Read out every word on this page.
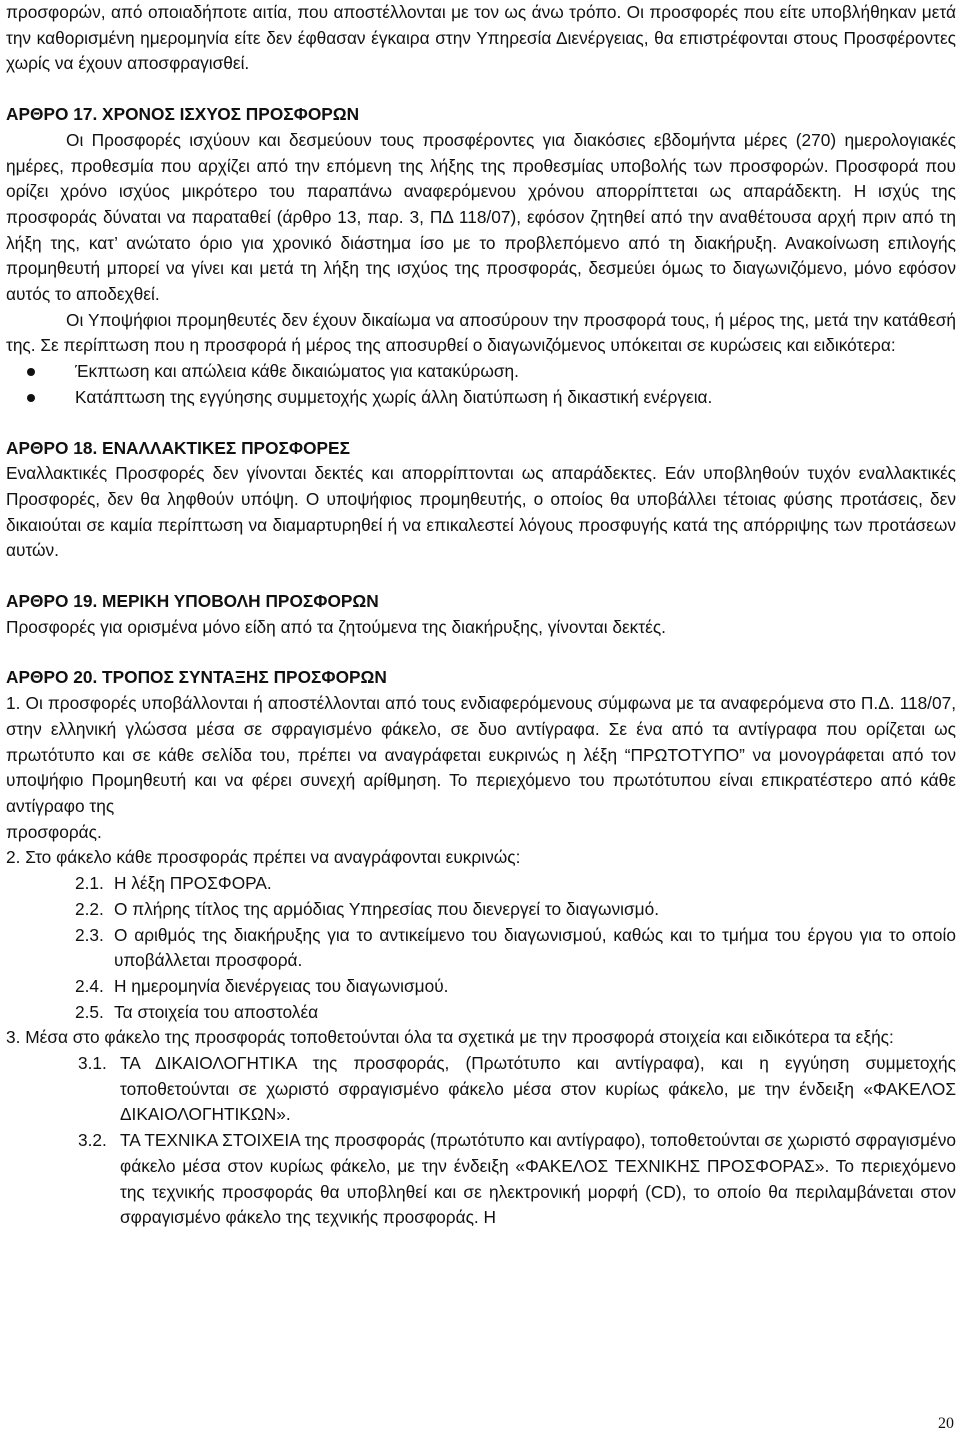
προσφορών, από οποιαδήποτε αιτία, που αποστέλλονται με τον ως άνω τρόπο. Οι προσφορές που είτε υποβλήθηκαν μετά την καθορισμένη ημερομηνία είτε δεν έφθασαν έγκαιρα στην Υπηρεσία Διενέργειας, θα επιστρέφονται στους Προσφέροντες χωρίς να έχουν αποσφραγισθεί.

ΑΡΘΡΟ 17. ΧΡΟΝΟΣ ΙΣΧΥΟΣ ΠΡΟΣΦΟΡΩΝ

Οι Προσφορές ισχύουν και δεσμεύουν τους προσφέροντες για διακόσιες εβδομήντα μέρες (270) ημερολογιακές ημέρες, προθεσμία που αρχίζει από την επόμενη της λήξης της προθεσμίας υποβολής των προσφορών. Προσφορά που ορίζει χρόνο ισχύος μικρότερο του παραπάνω αναφερόμενου χρόνου απορρίπτεται ως απαράδεκτη. Η ισχύς της προσφοράς δύναται να παραταθεί (άρθρο 13, παρ. 3, ΠΔ 118/07), εφόσον ζητηθεί από την αναθέτουσα αρχή πριν από τη λήξη της, κατ’ ανώτατο όριο για χρονικό διάστημα ίσο με το προβλεπόμενο από τη διακήρυξη. Ανακοίνωση επιλογής προμηθευτή μπορεί να γίνει και μετά τη λήξη της ισχύος της προσφοράς, δεσμεύει όμως το διαγωνιζόμενο, μόνο εφόσον αυτός το αποδεχθεί.

Οι Υποψήφιοι προμηθευτές δεν έχουν δικαίωμα να αποσύρουν την προσφορά τους, ή μέρος της, μετά την κατάθεσή της. Σε περίπτωση που η προσφορά ή μέρος της αποσυρθεί ο διαγωνιζόμενος υπόκειται σε κυρώσεις και ειδικότερα:

Έκπτωση και απώλεια κάθε δικαιώματος για κατακύρωση.
Κατάπτωση της εγγύησης συμμετοχής χωρίς άλλη διατύπωση ή δικαστική ενέργεια.

ΑΡΘΡΟ 18. ΕΝΑΛΛΑΚΤΙΚΕΣ ΠΡΟΣΦΟΡΕΣ

Εναλλακτικές Προσφορές δεν γίνονται δεκτές και απορρίπτονται ως απαράδεκτες. Εάν υποβληθούν τυχόν εναλλακτικές Προσφορές, δεν θα ληφθούν υπόψη. Ο υποψήφιος προμηθευτής, ο οποίος θα υποβάλλει τέτοιας φύσης προτάσεις, δεν δικαιούται σε καμία περίπτωση να διαμαρτυρηθεί ή να επικαλεστεί λόγους προσφυγής κατά της απόρριψης των προτάσεων αυτών.

ΑΡΘΡΟ 19. ΜΕΡΙΚΗ ΥΠΟΒΟΛΗ ΠΡΟΣΦΟΡΩΝ

Προσφορές για ορισμένα μόνο είδη από τα ζητούμενα της διακήρυξης, γίνονται δεκτές.

ΑΡΘΡΟ 20. ΤΡΟΠΟΣ ΣΥΝΤΑΞΗΣ ΠΡΟΣΦΟΡΩΝ

1. Οι προσφορές υποβάλλονται ή αποστέλλονται από τους ενδιαφερόμενους σύμφωνα με τα αναφερόμενα στο Π.Δ. 118/07, στην ελληνική γλώσσα μέσα σε σφραγισμένο φάκελο, σε δυο αντίγραφα. Σε ένα από τα αντίγραφα που ορίζεται ως πρωτότυπο και σε κάθε σελίδα του, πρέπει να αναγράφεται ευκρινώς η λέξη “ΠΡΩΤΟΤΥΠΟ” να μονογράφεται από τον υποψήφιο Προμηθευτή και να φέρει συνεχή αρίθμηση. Το περιεχόμενο του πρωτότυπου είναι επικρατέστερο από κάθε αντίγραφο της

προσφοράς.

2. Στο φάκελο κάθε προσφοράς πρέπει να αναγράφονται ευκρινώς:

2.1. Η λέξη ΠΡΟΣΦΟΡΑ.
2.2. Ο πλήρης τίτλος της αρμόδιας Υπηρεσίας που διενεργεί το διαγωνισμό.
2.3. Ο αριθμός της διακήρυξης για το αντικείμενο του διαγωνισμού, καθώς και το τμήμα του έργου για το οποίο υποβάλλεται προσφορά.
2.4. Η ημερομηνία διενέργειας του διαγωνισμού.
2.5. Τα στοιχεία του αποστολέα

3. Μέσα στο φάκελο της προσφοράς τοποθετούνται όλα τα σχετικά με την προσφορά στοιχεία και ειδικότερα τα εξής:

3.1. ΤΑ ΔΙΚΑΙΟΛΟΓΗΤΙΚΑ της προσφοράς, (Πρωτότυπο και αντίγραφα), και η εγγύηση συμμετοχής τοποθετούνται σε χωριστό σφραγισμένο φάκελο μέσα στον κυρίως φάκελο, με την ένδειξη «ΦΑΚΕΛΟΣ ΔΙΚΑΙΟΛΟΓΗΤΙΚΩΝ».
3.2. ΤΑ ΤΕΧΝΙΚΑ ΣΤΟΙΧΕΙΑ της προσφοράς (πρωτότυπο και αντίγραφο), τοποθετούνται σε χωριστό σφραγισμένο φάκελο μέσα στον κυρίως φάκελο, με την ένδειξη «ΦΑΚΕΛΟΣ ΤΕΧΝΙΚΗΣ ΠΡΟΣΦΟΡΑΣ». Το περιεχόμενο της τεχνικής προσφοράς θα υποβληθεί και σε ηλεκτρονική μορφή (CD), το οποίο θα περιλαμβάνεται στον σφραγισμένο φάκελο της τεχνικής προσφοράς. Η
20
